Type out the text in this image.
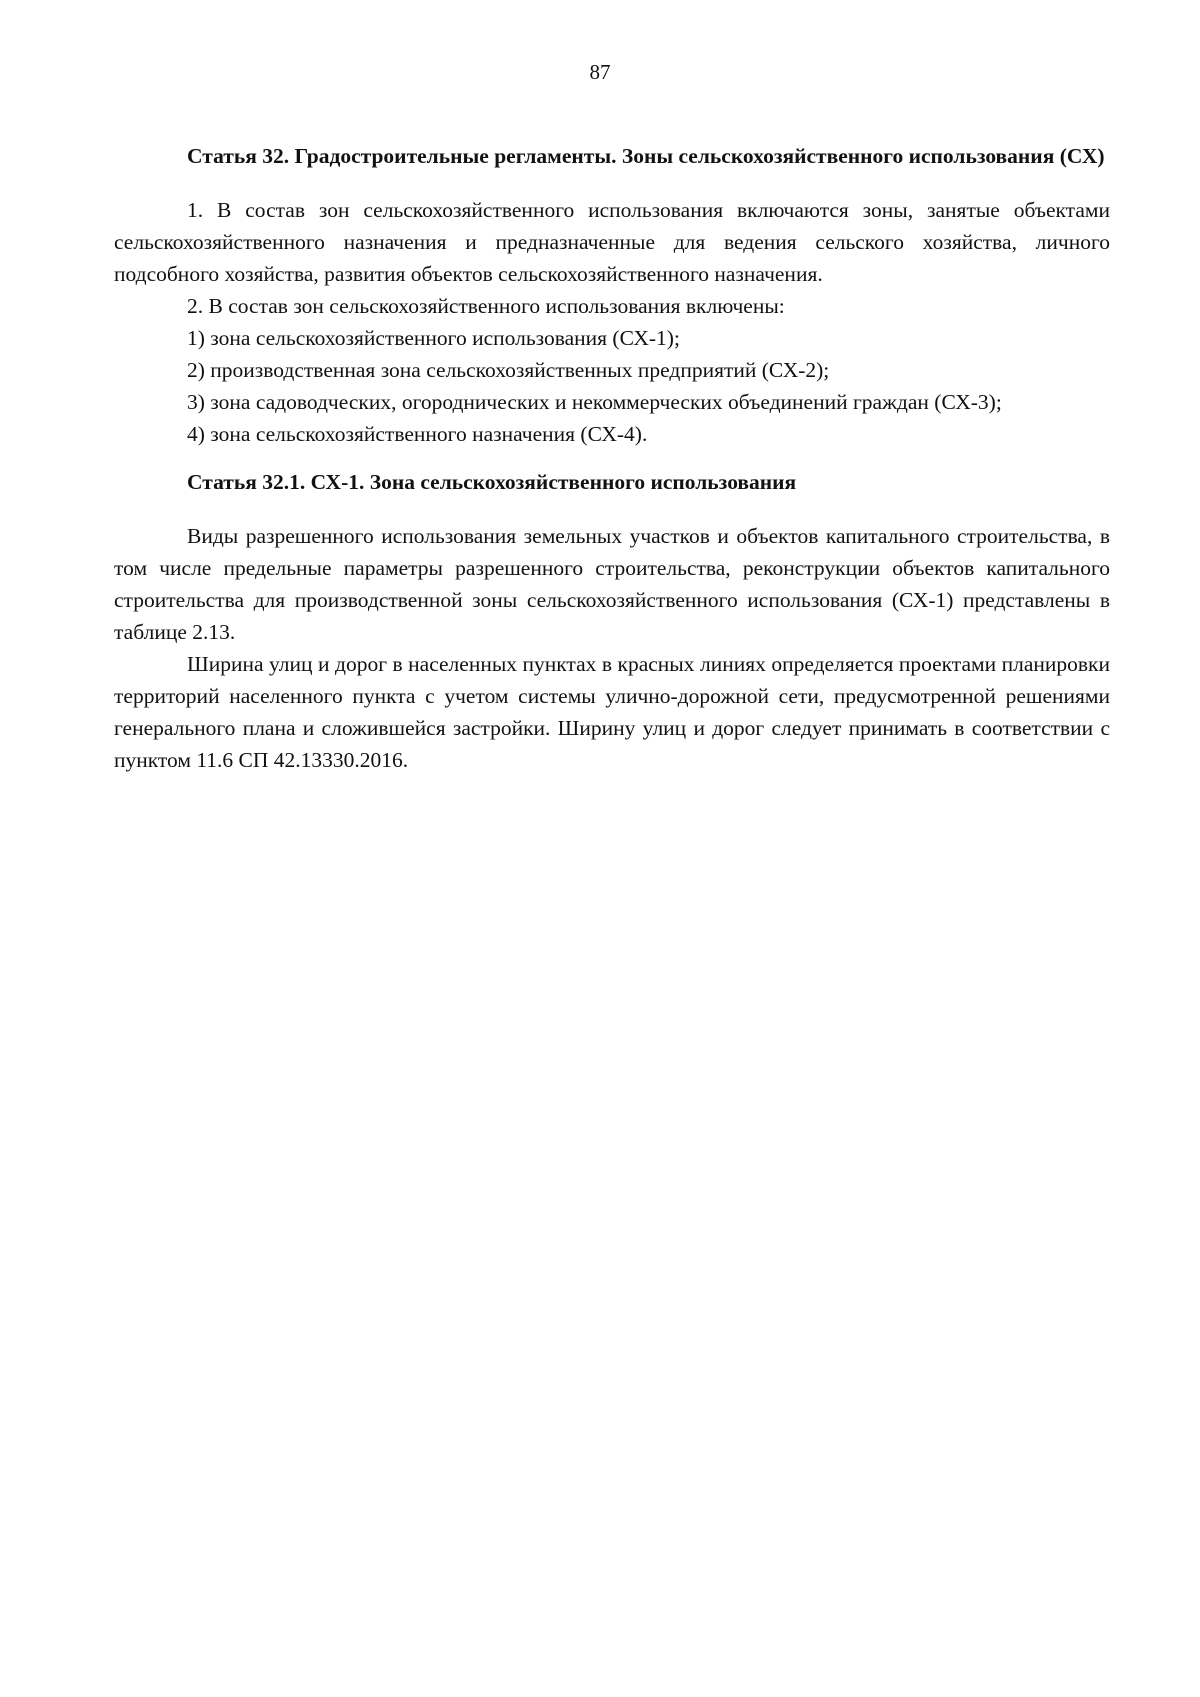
87

Статья 32. Градостроительные регламенты. Зоны сельскохозяйственного использования (СХ)

1. В состав зон сельскохозяйственного использования включаются зоны, занятые объектами сельскохозяйственного назначения и предназначенные для ведения сельского хозяйства, личного подсобного хозяйства, развития объектов сельскохозяйственного назначения.

2. В состав зон сельскохозяйственного использования включены:

1) зона сельскохозяйственного использования (СХ-1);

2) производственная зона сельскохозяйственных предприятий (СХ-2);

3) зона садоводческих, огороднических и некоммерческих объединений граждан (СХ-3);

4) зона сельскохозяйственного назначения (СХ-4).

Статья 32.1. СХ-1. Зона сельскохозяйственного использования

Виды разрешенного использования земельных участков и объектов капитального строительства, в том числе предельные параметры разрешенного строительства, реконструкции объектов капитального строительства для производственной зоны сельскохозяйственного использования (СХ-1) представлены в таблице 2.13.

Ширина улиц и дорог в населенных пунктах в красных линиях определяется проектами планировки территорий населенного пункта с учетом системы улично-дорожной сети, предусмотренной решениями генерального плана и сложившейся застройки. Ширину улиц и дорог следует принимать в соответствии с пунктом 11.6 СП 42.13330.2016.
